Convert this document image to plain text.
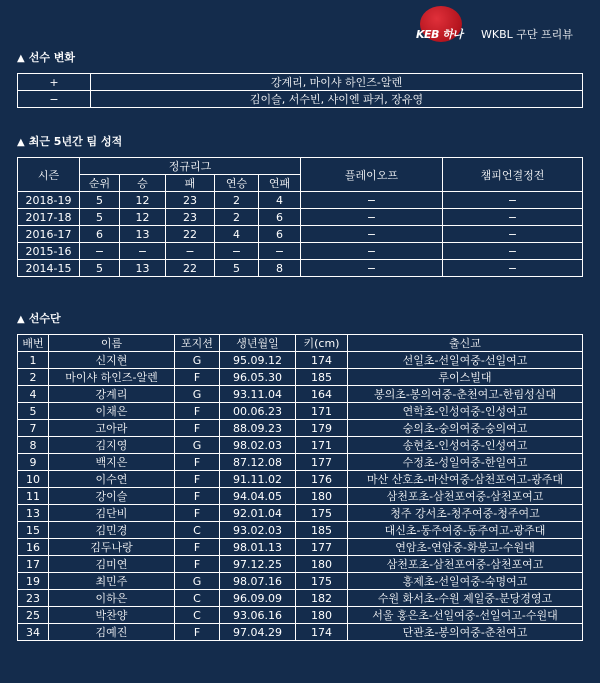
KEB 하나 WKBL 구단 프리뷰
▲ 선수 변화
+	강계리, 마이샤 하인즈-알렌
−	김이슬, 서수빈, 샤이엔 파커, 장유영
▲ 최근 5년간 팀 성적
시즌	정규리그					플레이오프	챔피언결정전
	순위	승	패	연승	연패		
2018-19	5	12	23	2	4	−	−
2017-18	5	12	23	2	6	−	−
2016-17	6	13	22	4	6	−	−
2015-16	−	−	−	−	−	−	−
2014-15	5	13	22	5	8	−	−
▲ 선수단
배번	이름	포지션	생년월일	키(cm)	출신교
1	신지현	G	95.09.12	174	선일초-선일여중-선일여고
2	마이샤 하인즈-알렌	F	96.05.30	185	루이스빌대
4	강계리	G	93.11.04	164	봉의초-봉의여중-춘천여고-한림성심대
5	이채은	F	00.06.23	171	연학초-인성여중-인성여고
7	고아라	F	88.09.23	179	숭의초-숭의여중-숭의여고
8	김지영	G	98.02.03	171	송현초-인성여중-인성여고
9	백지은	F	87.12.08	177	수정초-성일여중-한일여고
10	이수연	F	91.11.02	176	마산 산호초-마산여중-삼천포여고-광주대
11	강이슬	F	94.04.05	180	삼천포초-삼천포여중-삼천포여고
13	김단비	F	92.01.04	175	청주 강서초-청주여중-청주여고
15	김민경	C	93.02.03	185	대신초-동주여중-동주여고-광주대
16	김두나랑	F	98.01.13	177	연암초-연암중-화봉고-수원대
17	김미연	F	97.12.25	180	삼천포초-삼천포여중-삼천포여고
19	최민주	G	98.07.16	175	홍제초-선일여중-숙명여고
23	이하은	C	96.09.09	182	수원 화서초-수원 제일중-분당경영고
25	박찬양	C	93.06.16	180	서울 홍은초-선일여중-선일여고-수원대
34	김예진	F	97.04.29	174	단관초-봉의여중-춘천여고
